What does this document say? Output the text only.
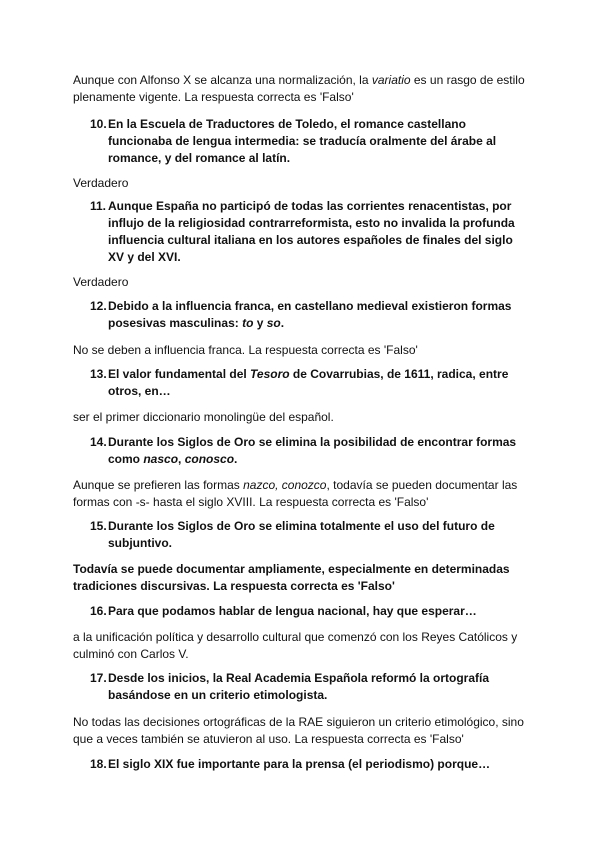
Aunque con Alfonso X se alcanza una normalización, la variatio es un rasgo de estilo plenamente vigente. La respuesta correcta es 'Falso'

10. En la Escuela de Traductores de Toledo, el romance castellano funcionaba de lengua intermedia: se traducía oralmente del árabe al romance, y del romance al latín.

Verdadero

11. Aunque España no participó de todas las corrientes renacentistas, por influjo de la religiosidad contrarreformista, esto no invalida la profunda influencia cultural italiana en los autores españoles de finales del siglo XV y del XVI.

Verdadero

12. Debido a la influencia franca, en castellano medieval existieron formas posesivas masculinas: to y so.

No se deben a influencia franca. La respuesta correcta es 'Falso'

13. El valor fundamental del Tesoro de Covarrubias, de 1611, radica, entre otros, en…

ser el primer diccionario monolingüe del español.

14. Durante los Siglos de Oro se elimina la posibilidad de encontrar formas como nasco, conosco.

Aunque se prefieren las formas nazco, conozco, todavía se pueden documentar las formas con -s- hasta el siglo XVIII. La respuesta correcta es 'Falso'

15. Durante los Siglos de Oro se elimina totalmente el uso del futuro de subjuntivo.

Todavía se puede documentar ampliamente, especialmente en determinadas tradiciones discursivas. La respuesta correcta es 'Falso'

16. Para que podamos hablar de lengua nacional, hay que esperar…

a la unificación política y desarrollo cultural que comenzó con los Reyes Católicos y culminó con Carlos V.

17. Desde los inicios, la Real Academia Española reformó la ortografía basándose en un criterio etimologista.

No todas las decisiones ortográficas de la RAE siguieron un criterio etimológico, sino que a veces también se atuvieron al uso. La respuesta correcta es 'Falso'

18. El siglo XIX fue importante para la prensa (el periodismo) porque…
